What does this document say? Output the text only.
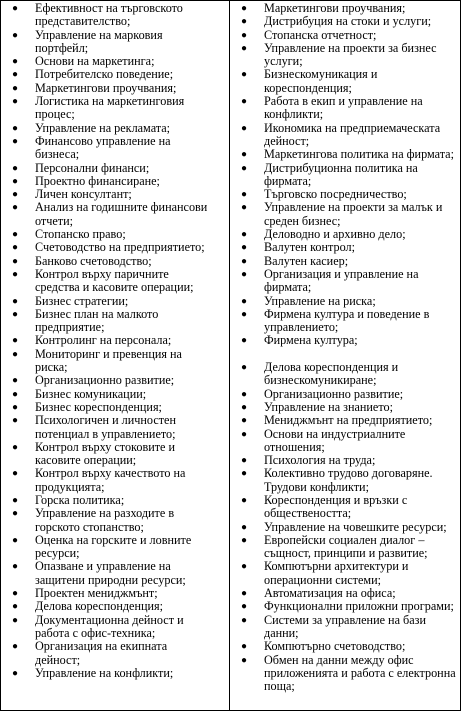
● Ефективност на търговското
представителство;
● Управление на марковия
портфейл;
● Основи на маркетинга;
● Потребителско поведение;
● Маркетингови проучвания;
● Логистика на маркетинговия
процес;
● Управление на рекламата;
● Финансово управление на
бизнеса;
● Персонални финанси;
● Проектно финансиране;
● Личен консултант;
● Анализ на годишните финансови
отчети;
● Стопанско право;
● Счетоводство на предприятието;
● Банково счетоводство;
● Контрол върху паричните
средства и касовите операции;
● Бизнес стратегии;
● Бизнес план на малкото
предприятие;
● Контролинг на персонала;
● Мониторинг и превенция на
риска;
● Организационно развитие;
● Бизнес комуникации;
● Бизнес кореспонденция;
● Психологичен и личностен
потенциал в управлението;
● Контрол върху стоковите и
касовите операции;
● Контрол върху качеството на
продукцията;
● Горска политика;
● Управление на разходите в
горското стопанство;
● Оценка на горските и ловните
ресурси;
● Опазване и управление на
защитени природни ресурси;
● Проектен мениджмънт;
● Делова кореспонденция;
● Документационна дейност и
работа с офис-техника;
● Организация на екипната
дейност;
● Управление на конфликти;
● Маркетингови проучвания;
● Дистрибуция на стоки и услуги;
● Стопанска отчетност;
● Управление на проекти за бизнес
услуги;
● Бизнескомуникация и
кореспонденция;
● Работа в екип и управление на
конфликти;
● Икономика на предприемаческата
дейност;
● Маркетингова политика на фирмата;
● Дистрибуционна политика на
фирмата;
● Търговско посредничество;
● Управление на проекти за малък и
среден бизнес;
● Деловодно и архивно дело;
● Валутен контрол;
● Валутен касиер;
● Организация и управление на
фирмата;
● Управление на риска;
● Фирмена култура и поведение в
управлението;
● Фирмена култура;
● Делова кореспонденция и
бизнескомуникиране;
● Организационно развитие;
● Управление на знанието;
● Мениджмънт на предприятието;
● Основи на индустриалните
отношения;
● Психология на труда;
● Колективно трудово договаряне.
Трудови конфликти;
● Кореспонденция и връзки с
обществеността;
● Управление на човешките ресурси;
● Европейски социален диалог –
същност, принципи и развитие;
● Компютърни архитектури и
операционни системи;
● Автоматизация на офиса;
● Функционални приложни програми;
● Системи за управление на бази данни;
● Компютърно счетоводство;
● Обмен на данни между офис
приложенията и работа с електронна
поща;
